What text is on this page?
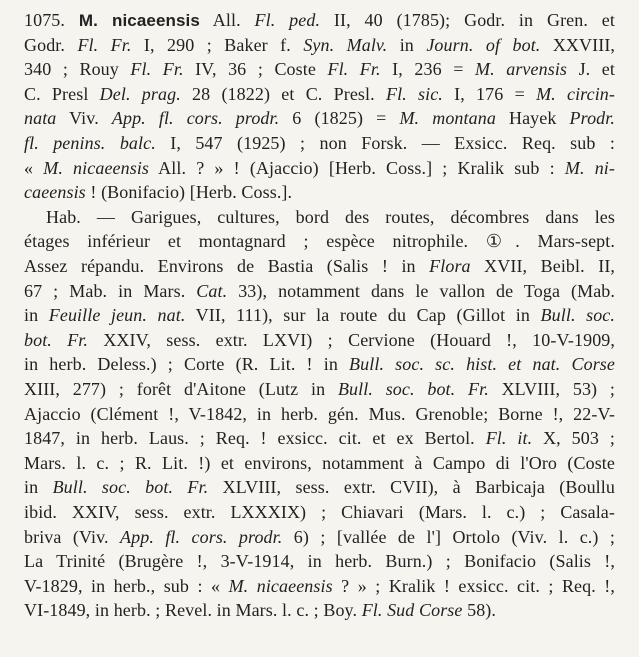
1075. M. nicaeensis All. Fl. ped. II, 40 (1785); Godr. in Gren. et
Godr. Fl. Fr. I, 290 ; Baker f. Syn. Malv. in Journ. of bot. XXVIII,
340 ; Rouy Fl. Fr. IV, 36 ; Coste Fl. Fr. I, 236 = M. arvensis J. et
C. Presl Del. prag. 28 (1822) et C. Presl. Fl. sic. I, 176 = M. circin-
nata Viv. App. fl. cors. prodr. 6 (1825) = M. montana Hayek Prodr.
fl. penins. balc. I, 547 (1925) ; non Forsk. — Exsicc. Req. sub :
« M. nicaeensis All. ? » ! (Ajaccio) [Herb. Coss.] ; Kralik sub : M. ni-
caeensis ! (Bonifacio) [Herb. Coss.].
Hab. — Garigues, cultures, bord des routes, décombres dans les
étages inférieur et montagnard ; espèce nitrophile. ①. Mars-sept.
Assez répandu. Environs de Bastia (Salis ! in Flora XVII, Beibl. II,
67 ; Mab. in Mars. Cat. 33), notamment dans le vallon de Toga (Mab.
in Feuille jeun. nat. VII, 111), sur la route du Cap (Gillot in Bull. soc.
bot. Fr. XXIV, sess. extr. LXVI) ; Cervione (Houard !, 10-V-1909,
in herb. Deless.) ; Corte (R. Lit. ! in Bull. soc. sc. hist. et nat. Corse
XIII, 277) ; forêt d'Aitone (Lutz in Bull. soc. bot. Fr. XLVIII, 53) ;
Ajaccio (Clément !, V-1842, in herb. gén. Mus. Grenoble; Borne !, 22-V-
1847, in herb. Laus. ; Req. ! exsicc. cit. et ex Bertol. Fl. it. X, 503 ;
Mars. l. c. ; R. Lit. !) et environs, notamment à Campo di l'Oro (Coste
in Bull. soc. bot. Fr. XLVIII, sess. extr. CVII), à Barbicaja (Boullu
ibid. XXIV, sess. extr. LXXXIX) ; Chiavari (Mars. l. c.) ; Casala-
briva (Viv. App. fl. cors. prodr. 6) ; [vallée de l'] Ortolo (Viv. l. c.) ;
La Trinité (Brugère !, 3-V-1914, in herb. Burn.) ; Bonifacio (Salis !,
V-1829, in herb., sub : « M. nicaeensis ? » ; Kralik ! exsicc. cit. ; Req. !,
VI-1849, in herb. ; Revel. in Mars. l. c. ; Boy. Fl. Sud Corse 58).
